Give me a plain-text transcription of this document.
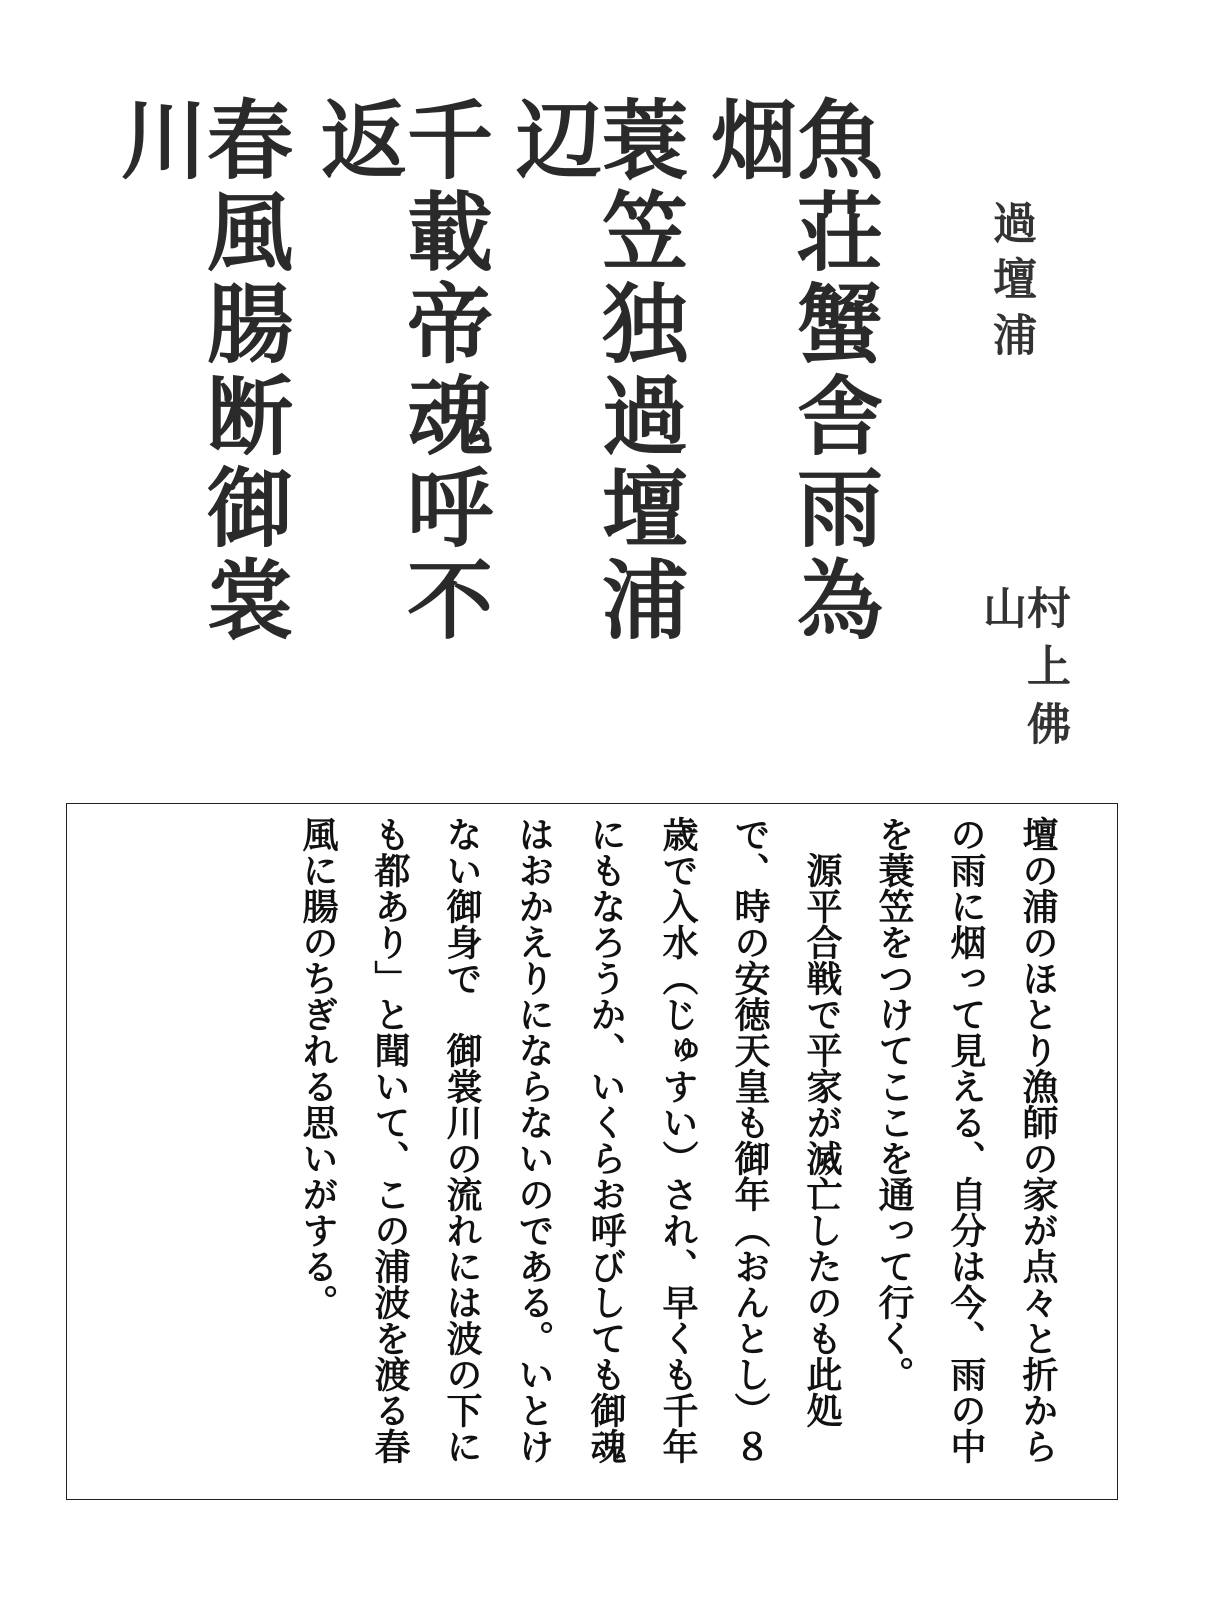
過壇浦
村上佛山
魚荘蟹舎雨為烟
蓑笠独過壇浦辺
千載帝魂呼不返
春風腸断御裳川

壇の浦のほとり漁師の家が点々と折からの雨に烟って見える、自分は今、雨の中を蓑笠をつけてここを通って行く。

　源平合戦で平家が滅亡したのも此処で、時の安徳天皇も御年（おんとし）８歳で入水（じゅすい）され、早くも千年にもなろうか、いくらお呼びしても御魂はおかえりにならないのである。いとけない御身で　御裳川の流れには波の下にも都あり」と聞いて、この浦波を渡る春風に腸のちぎれる思いがする。
